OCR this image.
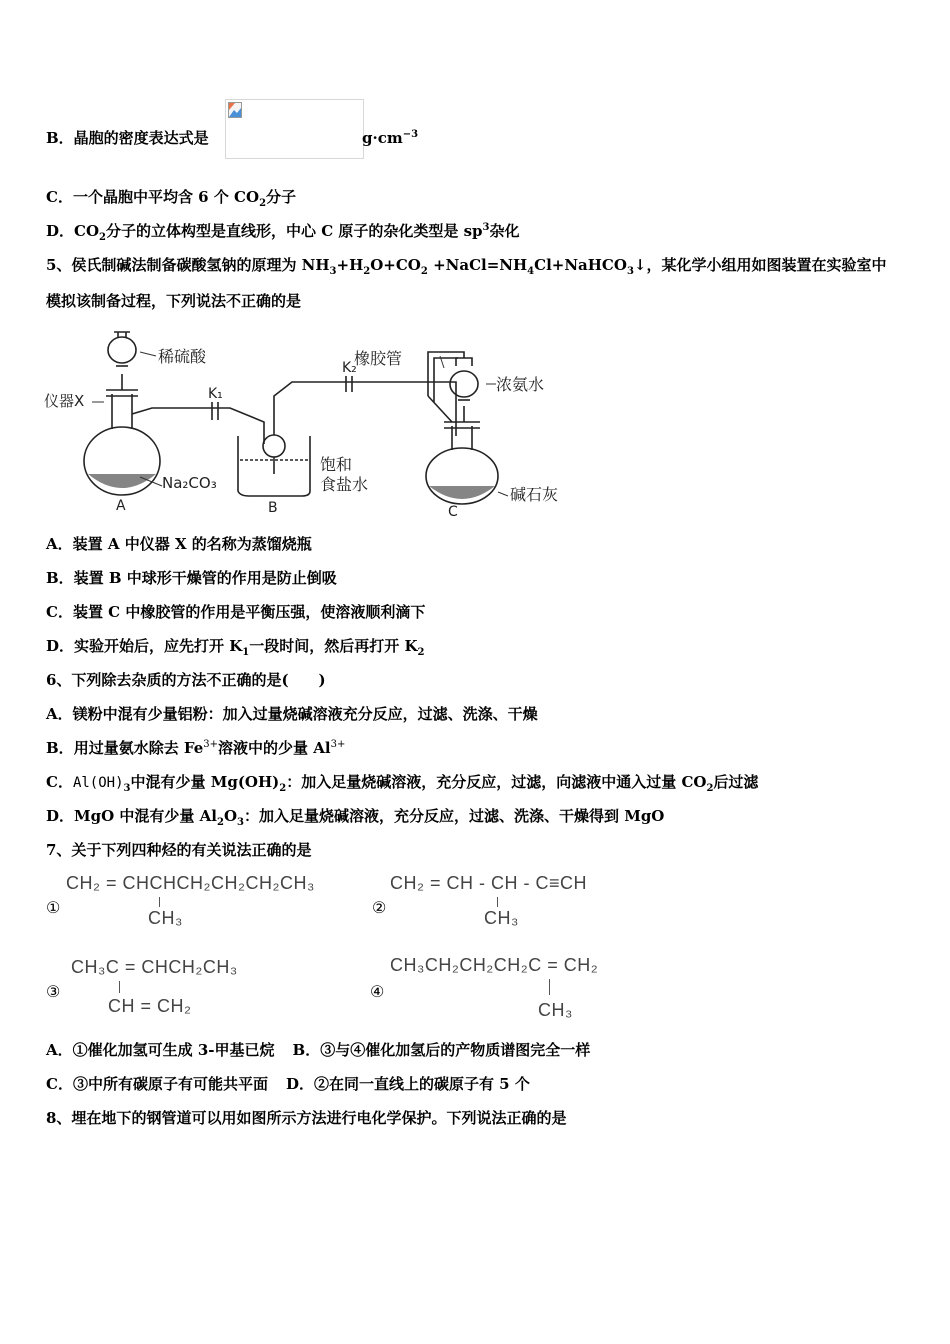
B．晶胞的密度表达式是	$g\cdot cm^{-3}$
C．一个晶胞中平均含 6 个 $CO_2$分子
D．$CO_2$分子的立体构型是直线形，中心 C 原子的杂化类型是 $sp^3$杂化
5、侯氏制碱法制备碳酸氢钠的原理为 $NH_3+H_2O+CO_2$ $+NaCl=NH_4Cl+NaHCO_3↓$，某化学小组用如图装置在实验室中
模拟该制备过程，下列说法不正确的是
稀硫酸
仪器X	K₁
K₂
橡胶管
浓氨水
Na₂CO₃
饱和
食盐水
碱石灰
A	B	C
A．装置 A 中仪器 X 的名称为蒸馏烧瓶
B．装置 B 中球形干燥管的作用是防止倒吸
C．装置 C 中橡胶管的作用是平衡压强，使溶液顺利滴下
D．实验开始后，应先打开 $K_1$一段时间，然后再打开 $K_2$
6、下列除去杂质的方法不正确的是(　　)
A．镁粉中混有少量铝粉：加入过量烧碱溶液充分反应，过滤、洗涤、干燥
B．用过量氨水除去 $Fe^{3+}$溶液中的少量 $Al^{3+}$
C．$Al(OH)_3$中混有少量 $Mg(OH)_2$：加入足量烧碱溶液，充分反应，过滤，向滤液中通入过量 $CO_2$后过滤
D．MgO 中混有少量 $Al_2O_3$：加入足量烧碱溶液，充分反应，过滤、洗涤、干燥得到 MgO
7、关于下列四种烃的有关说法正确的是
①
CH₂ = CHCHCH₂CH₂CH₂CH₃
CH₃
②
CH₂ = CH - CH - C≡CH
CH₃
③
CH₃C = CHCH₂CH₃
CH = CH₂
④
CH₃CH₂CH₂CH₂C = CH₂
CH₃
A．①催化加氢可生成 3-甲基已烷 B．③与④催化加氢后的产物质谱图完全一样
C．③中所有碳原子有可能共平面 D．②在同一直线上的碳原子有 5 个
8、埋在地下的钢管道可以用如图所示方法进行电化学保护。下列说法正确的是
